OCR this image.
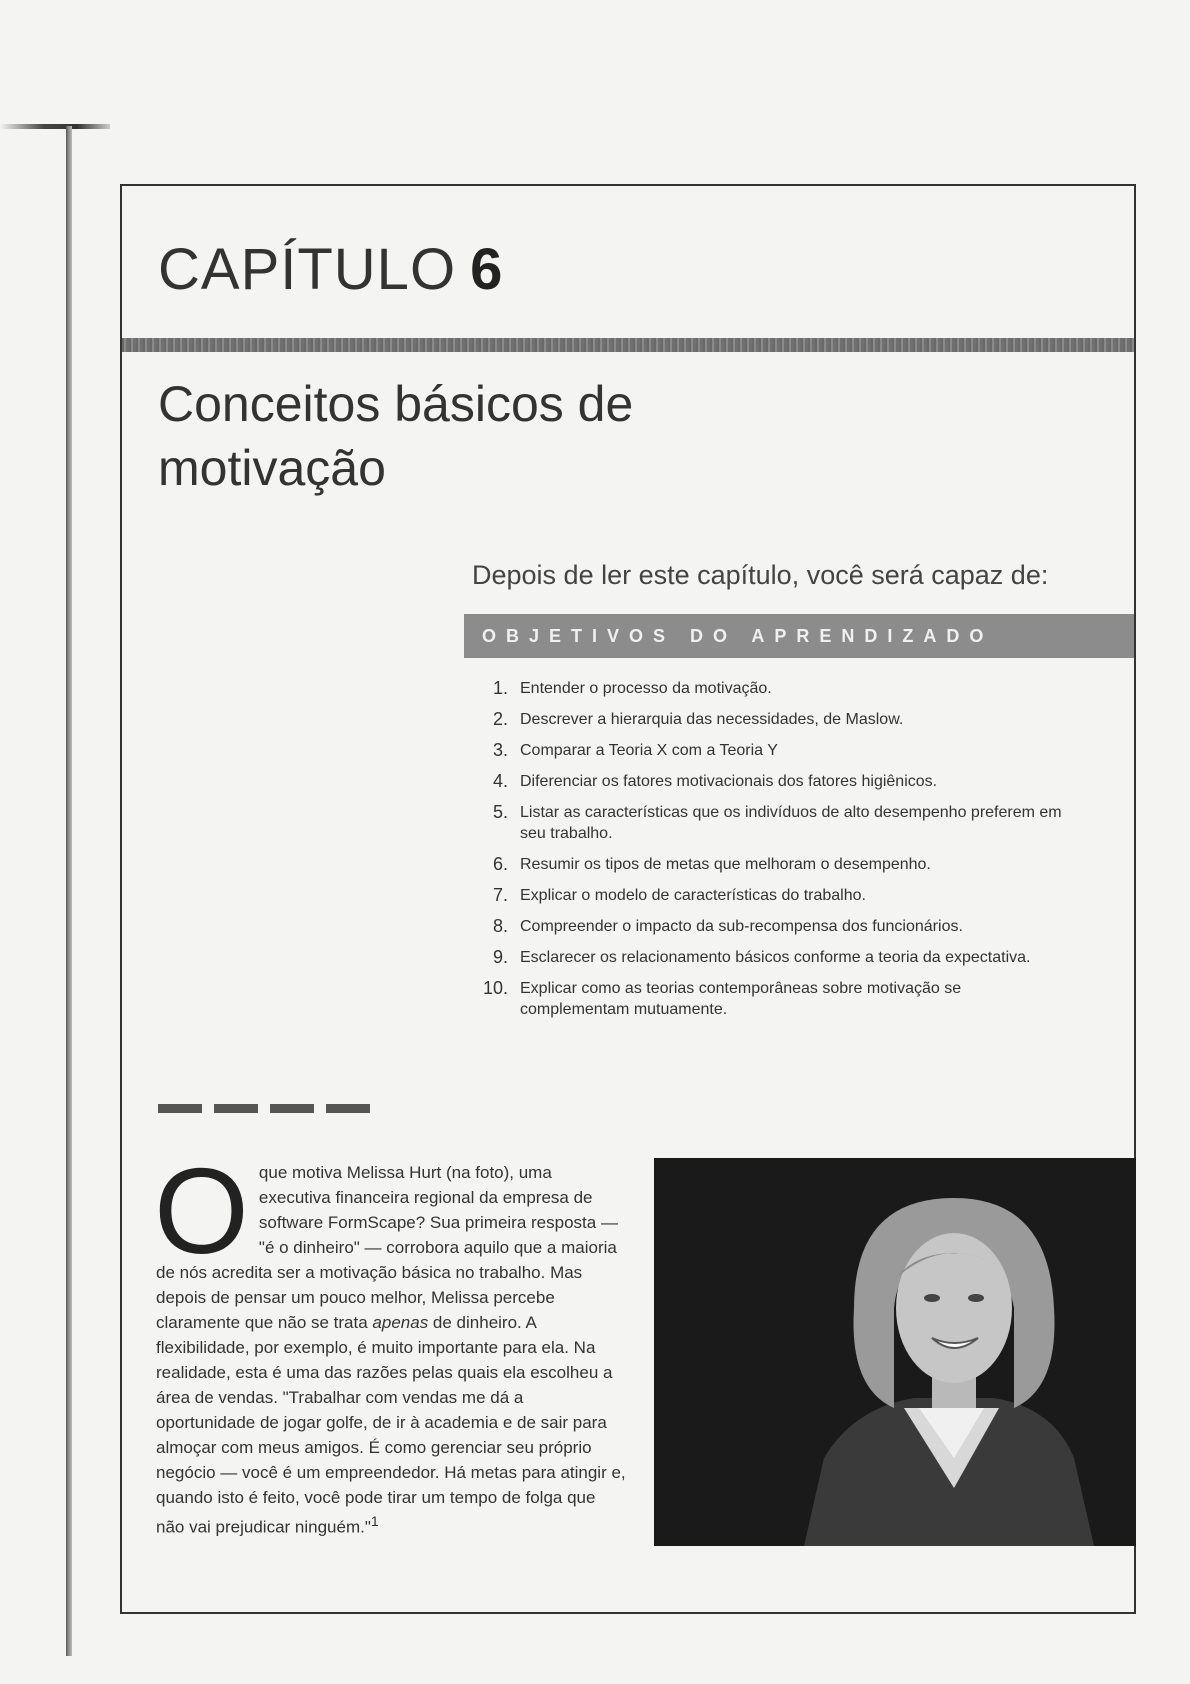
CAPÍTULO 6
Conceitos básicos de motivação
Depois de ler este capítulo, você será capaz de:
OBJETIVOS DO APRENDIZADO
1. Entender o processo da motivação.
2. Descrever a hierarquia das necessidades, de Maslow.
3. Comparar a Teoria X com a Teoria Y
4. Diferenciar os fatores motivacionais dos fatores higiênicos.
5. Listar as características que os indivíduos de alto desempenho preferem em seu trabalho.
6. Resumir os tipos de metas que melhoram o desempenho.
7. Explicar o modelo de características do trabalho.
8. Compreender o impacto da sub-recompensa dos funcionários.
9. Esclarecer os relacionamento básicos conforme a teoria da expectativa.
10. Explicar como as teorias contemporâneas sobre motivação se complementam mutuamente.

O que motiva Melissa Hurt (na foto), uma executiva financeira regional da empresa de software FormScape? Sua primeira resposta — "é o dinheiro" — corrobora aquilo que a maioria de nós acredita ser a motivação básica no trabalho. Mas depois de pensar um pouco melhor, Melissa percebe claramente que não se trata apenas de dinheiro. A flexibilidade, por exemplo, é muito importante para ela. Na realidade, esta é uma das razões pelas quais ela escolheu a área de vendas. "Trabalhar com vendas me dá a oportunidade de jogar golfe, de ir à academia e de sair para almoçar com meus amigos. É como gerenciar seu próprio negócio — você é um empreendedor. Há metas para atingir e, quando isto é feito, você pode tirar um tempo de folga que não vai prejudicar ninguém."$^1$
